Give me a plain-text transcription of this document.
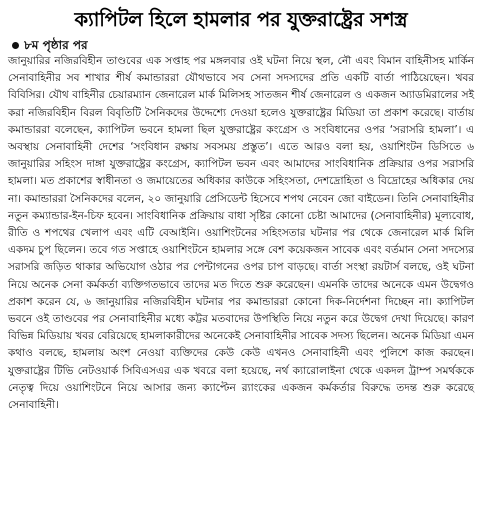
ক্যাপিটল হিলে হামলার পর যুক্তরাষ্ট্রের সশস্ত্র
৮ম পৃষ্ঠার পর

জানুয়ারির নজিরবিহীন তাণ্ডবের এক সপ্তাহ পর মঙ্গলবার ওই ঘটনা নিয়ে স্থল, নৌ এবং বিমান বাহিনীসহ মার্কিন সেনাবাহিনীর সব শাখার শীর্ষ কমান্ডাররা যৌথভাবে সব সেনা সদস্যদের প্রতি একটি বার্তা পাঠিয়েছেন। খবর বিবিসির। যৌথ বাহিনীর চেয়ারম্যান জেনারেল মার্ক মিলিসহ সাতজন শীর্ষ জেনারেল ও একজন অ্যাডমিরালের সই করা নজিরবিহীন বিরল বিবৃতিটি সৈনিকদের উদ্দেশ্যে দেওয়া হলেও যুক্তরাষ্ট্রের মিডিয়া তা প্রকাশ করেছে। বার্তায় কমান্ডাররা বলেছেন, ক্যাপিটল ভবনে হামলা ছিল যুক্তরাষ্ট্রের কংগ্রেস ও সংবিধানের ওপর ‘সরাসরি হামলা’। এ অবস্থায় সেনাবাহিনী দেশের ‘সংবিধান রক্ষায় সবসময় প্রস্তুত’। এতে আরও বলা হয়, ওয়াশিংটন ডিসিতে ৬ জানুয়ারির সহিংস দাঙ্গা যুক্তরাষ্ট্রের কংগ্রেস, ক্যাপিটল ভবন এবং আমাদের সাংবিধানিক প্রক্রিয়ার ওপর সরাসরি হামলা। মত প্রকাশের স্বাধীনতা ও জমায়েতের অধিকার কাউকে সহিংসতা, দেশদ্রোহিতা ও বিদ্রোহের অধিকার দেয় না। কমান্ডাররা সৈনিকদের বলেন, ২০ জানুয়ারি প্রেসিডেন্ট হিসেবে শপথ নেবেন জো বাইডেন। তিনি সেনাবাহিনীর নতুন কম্যান্ডার-ইন-চিফ হবেন। সাংবিধানিক প্রক্রিয়ায় বাধা সৃষ্টির কোনো চেষ্টা আমাদের (সেনাবাহিনীর) মূল্যবোধ, রীতি ও শপথের খেলাপ এবং এটি বেআইনি। ওয়াশিংটনের সহিংসতার ঘটনার পর থেকে জেনারেল মার্ক মিলি একদম চুপ ছিলেন। তবে গত সপ্তাহে ওয়াশিংটনে হামলার সঙ্গে বেশ কয়েকজন সাবেক এবং বর্তমান সেনা সদস্যের সরাসরি জড়িত থাকার অভিযোগ ওঠার পর পেন্টাগনের ওপর চাপ বাড়ছে। বার্তা সংস্থা রয়টার্স বলছে, ওই ঘটনা নিয়ে অনেক সেনা কর্মকর্তা ব্যক্তিগতভাবে তাদের মত দিতে শুরু করেছেন। এমনকি তাদের অনেকে এমন উদ্বেগও প্রকাশ করেন যে, ৬ জানুয়ারির নজিরবিহীন ঘটনার পর কমান্ডাররা কোনো দিক-নির্দেশনা দিচ্ছেন না। ক্যাপিটল ভবনে ওই তাণ্ডবের পর সেনাবাহিনীর মধ্যে কট্টর মতবাদের উপস্থিতি নিয়ে নতুন করে উদ্বেগ দেখা দিয়েছে। কারণ বিভিন্ন মিডিয়ায় খবর বেরিয়েছে হামলাকারীদের অনেকেই সেনাবাহিনীর সাবেক সদস্য ছিলেন। অনেক মিডিয়া এমন কথাও বলছে, হামলায় অংশ নেওয়া ব্যক্তিদের কেউ কেউ এখনও সেনাবাহিনী এবং পুলিশে কাজ করছেন। যুক্তরাষ্ট্রের টিভি নেটওয়ার্ক সিবিএসএর এক খবরে বলা হয়েছে, নর্থ ক্যারোলাইনা থেকে একদল ট্রাম্প সমর্থককে নেতৃত্ব দিয়ে ওয়াশিংটনে নিয়ে আসার জন্য ক্যাপ্টেন র‍্যাংকের একজন কর্মকর্তার বিরুদ্ধে তদন্ত শুরু করেছে সেনাবাহিনী।
